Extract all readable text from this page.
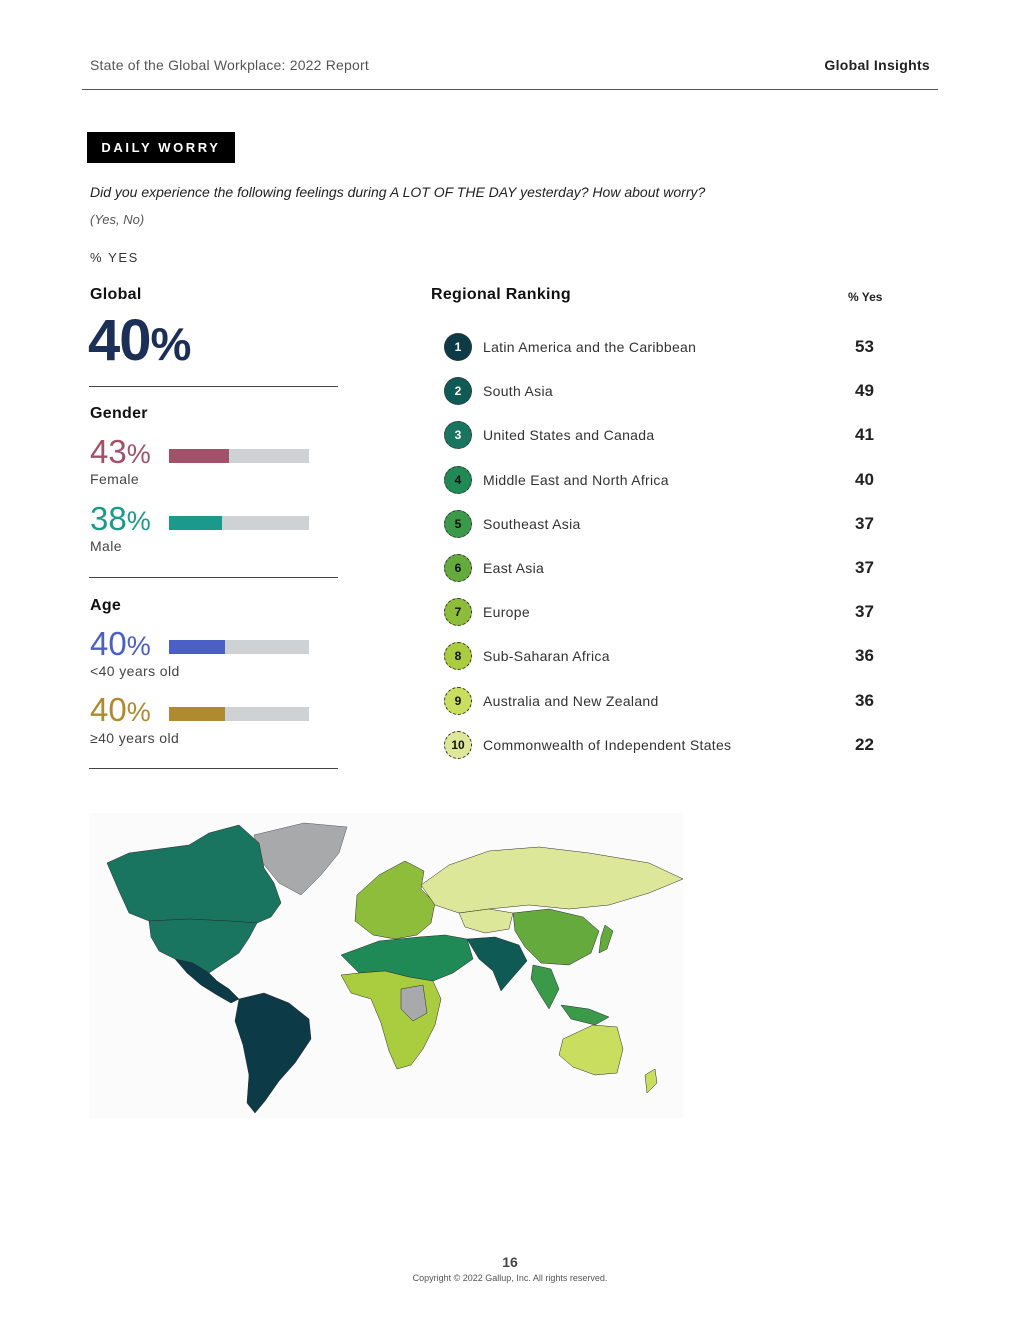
State of the Global Workplace: 2022 Report	Global Insights
DAILY WORRY
Did you experience the following feelings during A LOT OF THE DAY yesterday? How about worry?
(Yes, No)
% YES
Global
40%
Gender
43%
Female
38%
Male
Age
40%
<40 years old
40%
≥40 years old
Regional Ranking	% Yes
1	Latin America and the Caribbean	53
2	South Asia	49
3	United States and Canada	41
4	Middle East and North Africa	40
5	Southeast Asia	37
6	East Asia	37
7	Europe	37
8	Sub-Saharan Africa	36
9	Australia and New Zealand	36
10	Commonwealth of Independent States	22
16
Copyright © 2022 Gallup, Inc. All rights reserved.
